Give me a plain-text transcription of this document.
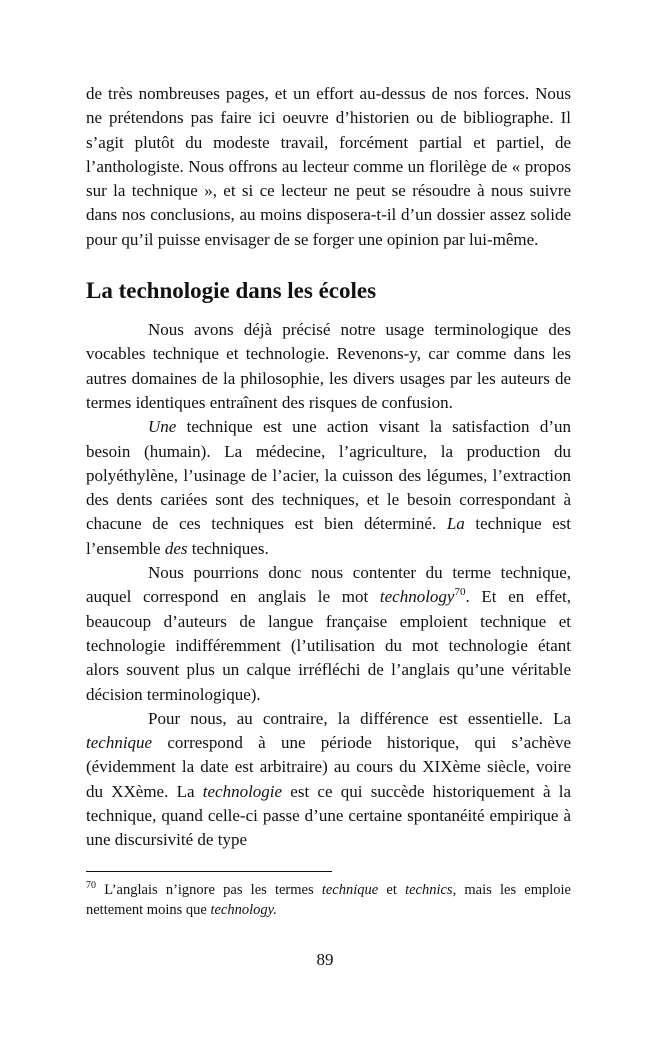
de très nombreuses pages, et un effort au-dessus de nos forces. Nous ne prétendons pas faire ici oeuvre d’historien ou de bibliographe. Il s’agit plutôt du modeste travail, forcément partial et partiel, de l’anthologiste. Nous offrons au lecteur comme un florilège de « propos sur la technique », et si ce lecteur ne peut se résoudre à nous suivre dans nos conclusions, au moins disposera-t-il d’un dossier assez solide pour qu’il puisse envisager de se forger une opinion par lui-même.

La technologie dans les écoles

Nous avons déjà précisé notre usage terminologique des vocables technique et technologie. Revenons-y, car comme dans les autres domaines de la philosophie, les divers usages par les auteurs de termes identiques entraînent des risques de confusion.

Une technique est une action visant la satisfaction d’un besoin (humain). La médecine, l’agriculture, la production du polyéthylène, l’usinage de l’acier, la cuisson des légumes, l’extraction des dents cariées sont des techniques, et le besoin correspondant à chacune de ces techniques est bien déterminé. La technique est l’ensemble des techniques.

Nous pourrions donc nous contenter du terme technique, auquel correspond en anglais le mot technology$^{70}$. Et en effet, beaucoup d’auteurs de langue française emploient technique et technologie indifféremment (l’utilisation du mot technologie étant alors souvent plus un calque irréfléchi de l’anglais qu’une véritable décision terminologique).

Pour nous, au contraire, la différence est essentielle. La technique correspond à une période historique, qui s’achève (évidemment la date est arbitraire) au cours du XIXème siècle, voire du XXème. La technologie est ce qui succède historiquement à la technique, quand celle-ci passe d’une certaine spontanéité empirique à une discursivité de type

$^{70}$ L’anglais n’ignore pas les termes technique et technics, mais les emploie nettement moins que technology.

89
